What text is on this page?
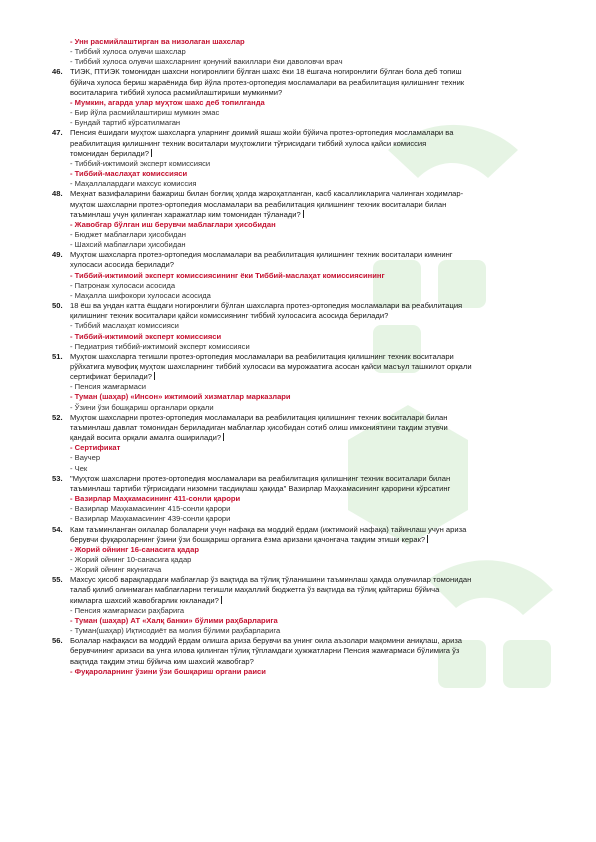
- Унн расмийлаштирган ва низолаган шахслар
- Тиббий хулоса олувчи шахслар
- Тиббий хулоса олувчи шахсларнинг қонуний вакиллари ёки даволовчи врач
46. ТИЭК, ПТИЭК томонидан шахсни ногиронлиги бўлган шахс ёки 18 ёшгача ногиронлиги бўлган бола деб топиш
бўйича хулоса бериш жараёнида бир йўла протез-ортопедия мосламалари ва реабилитация қилишнинг техник
воситаларига тиббий хулоса расмийлаштириши мумкинми?
- Мумкин, агарда улар муҳтож шахс деб топилганда
- Бир йўла расмийлаштириш мумкин эмас
- Бундай тартиб кўрсатилмаган
47. Пенсия ёшидаги муҳтож шахсларга уларнинг доимий яшаш жойи бўйича протез-ортопедия мосламалари ва
реабилитация қилишнинг техник воситалари муҳтожлиги тўғрисидаги тиббий хулоса қайси комиссия
томонидан берилади?
- Тиббий-ижтимоий эксперт комиссияси
- Тиббий-маслаҳат комиссияси
- Маҳаллалардаги махсус комиссия
48. Меҳнат вазифаларини бажариш билан боғлиқ ҳолда жароҳатланган, касб касалликларига чалинган ходимлар-
муҳтож шахсларни протез-ортопедия мосламалари ва реабилитация қилишнинг техник воситалари билан
таъминлаш учун қилинган харажатлар ким томонидан тўланади?
- Жавобгар бўлган иш берувчи маблағлари ҳисобидан
- Бюджет маблағлари ҳисобидан
- Шахсий маблағлари ҳисобидан
49. Муҳтож шахсларга протез-ортопедия мосламалари ва реабилитация қилишнинг техник воситалари кимнинг
хулосаси асосида берилади?
- Тиббий-ижтимоий эксперт комиссиясининг ёки Тиббий-маслаҳат комиссиясининг
- Патронаж хулосаси асосида
- Маҳалла шифокори хулосаси асосида
50. 18 ёш ва ундан катта ёшдаги ногиронлиги бўлган шахсларга протез-ортопедия мосламалари ва реабилитация
қилишнинг техник воситалари қайси комиссиянинг тиббий хулосасига асосида берилади?
- Тиббий маслаҳат комиссияси
- Тиббий-ижтимоий эксперт комиссияси
- Педиатрия тиббий-ижтимоий эксперт комиссияси
51. Муҳтож шахсларга тегишли протез-ортопедия мосламалари ва реабилитация қилишнинг техник воситалари
рўйхатига мувофиқ муҳтож шахсларнинг тиббий хулосаси ва мурожаатига асосан қайси масъул ташкилот орқали
сертификат берилади?
- Пенсия жамғармаси
- Туман (шаҳар) «Инсон» ижтимоий хизматлар марказлари
- Ўзини ўзи бошқариш органлари орқали
52. Муҳтож шахсларни протез-ортопедия мосламалари ва реабилитация қилишнинг техник воситалари билан
таъминлаш давлат томонидан бериладиган маблағлар ҳисобидан сотиб олиш имкониятини тақдим этувчи
қандай восита орқали амалга оширилади?
- Сертификат
- Ваучер
- Чек
53. "Муҳтож шахсларни протез-ортопедия мосламалари ва реабилитация қилишнинг техник воситалари билан
таъминлаш тартиби тўғрисидаги низомни тасдиқлаш ҳақида" Вазирлар Маҳкамасининг қарорини кўрсатинг
- Вазирлар Маҳкамасининг 411-сонли қарори
- Вазирлар Маҳкамасининг 415-сонли қарори
- Вазирлар Маҳкамасининг 439-сонли қарори
54. Кам таъминланган оилалар болаларни учун нафақа ва моддий ёрдам (ижтимоий нафақа) тайинлаш учун ариза
берувчи фуқароларнинг ўзини ўзи бошқариш органига ёзма аризани қачонгача тақдим этиши керак?
- Жорий ойнинг 16-санасига қадар
- Жорий ойнинг 10-санасига қадар
- Жорий ойнинг якунигача
55. Махсус ҳисоб варақлардаги маблағлар ўз вақтида ва тўлиқ тўланишини таъминлаш ҳамда олувчилар томонидан
талаб қилиб олинмаган маблағларни тегишли маҳаллий бюджетга ўз вақтида ва тўлиқ қайтариш бўйича
кимларга шахсий жавобгарлик юкланади?
- Пенсия жамғармаси раҳбарига
- Туман (шаҳар) АТ «Халқ банки» бўлими раҳбарларига
- Туман(шаҳар) Иқтисодиёт ва молия бўлими раҳбарларига
56. Болалар нафақаси ва моддий ёрдам олишга ариза берувчи ва унинг оила аъзолари мақомини аниқлаш, ариза
берувчининг аризаси ва унга илова қилинган тўлиқ тўпламдаги ҳужжатларни Пенсия жамғармаси бўлимига ўз
вақтида тақдим этиш бўйича ким шахсий жавобгар?
- Фуқароларнинг ўзини ўзи бошқариш органи раиси
